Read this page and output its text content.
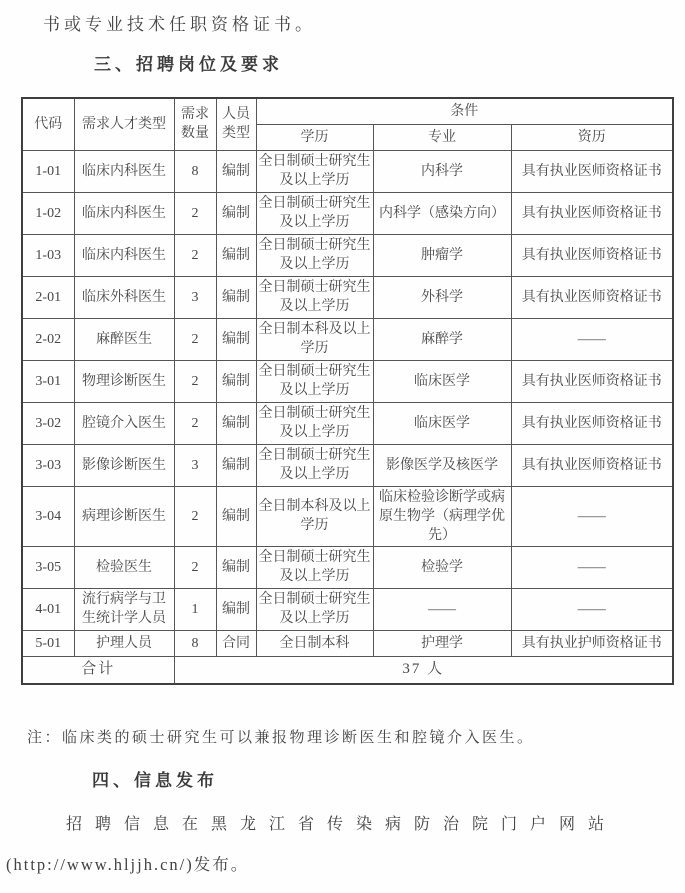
书或专业技术任职资格证书。
三、招聘岗位及要求
代码	需求人才类型	需求数量	人员类型	条件		
				学历	专业	资历
1-01	临床内科医生	8	编制	全日制硕士研究生及以上学历	内科学	具有执业医师资格证书
1-02	临床内科医生	2	编制	全日制硕士研究生及以上学历	内科学（感染方向）	具有执业医师资格证书
1-03	临床内科医生	2	编制	全日制硕士研究生及以上学历	肿瘤学	具有执业医师资格证书
2-01	临床外科医生	3	编制	全日制硕士研究生及以上学历	外科学	具有执业医师资格证书
2-02	麻醉医生	2	编制	全日制本科及以上学历	麻醉学	——
3-01	物理诊断医生	2	编制	全日制硕士研究生及以上学历	临床医学	具有执业医师资格证书
3-02	腔镜介入医生	2	编制	全日制硕士研究生及以上学历	临床医学	具有执业医师资格证书
3-03	影像诊断医生	3	编制	全日制硕士研究生及以上学历	影像医学及核医学	具有执业医师资格证书
3-04	病理诊断医生	2	编制	全日制本科及以上学历	临床检验诊断学或病原生物学（病理学优先）	——
3-05	检验医生	2	编制	全日制硕士研究生及以上学历	检验学	——
4-01	流行病学与卫生统计学人员	1	编制	全日制硕士研究生及以上学历	——	——
5-01	护理人员	8	合同	全日制本科	护理学	具有执业护师资格证书
合计		37 人				
注：临床类的硕士研究生可以兼报物理诊断医生和腔镜介入医生。
四、信息发布
招聘信息在黑龙江省传染病防治院门户网站
(http://www.hljjh.cn/)发布。
